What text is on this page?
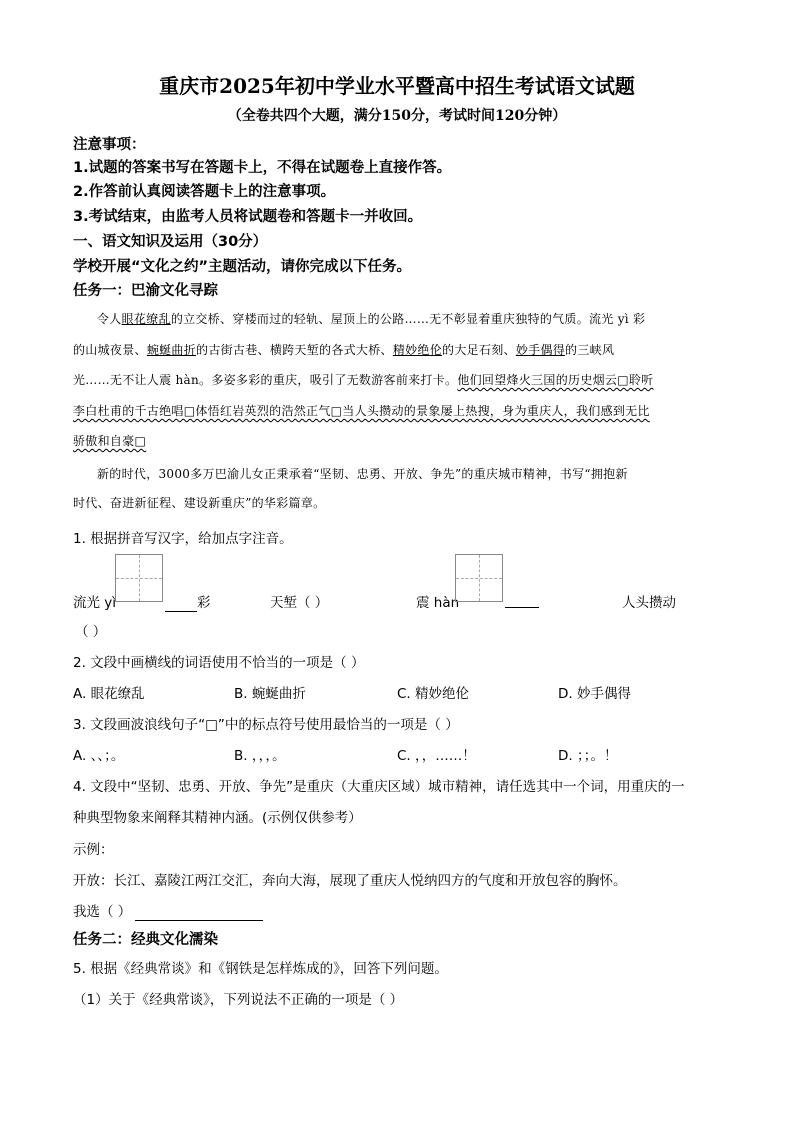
重庆市2025年初中学业水平暨高中招生考试语文试题
（全卷共四个大题，满分150分，考试时间120分钟）
注意事项：
1.试题的答案书写在答题卡上，不得在试题卷上直接作答。
2.作答前认真阅读答题卡上的注意事项。
3.考试结束，由监考人员将试题卷和答题卡一并收回。
一、语文知识及运用（30分）
学校开展“文化之约”主题活动，请你完成以下任务。
任务一：巴渝文化寻踪
令人眼花缭乱的立交桥、穿楼而过的轻轨、屋顶上的公路……无不彰显着重庆独特的气质。流光 yì 彩
的山城夜景、蜿蜒曲折的古街古巷、横跨天堑的各式大桥、精妙绝伦的大足石刻、妙手偶得的三峡风
光……无不让人震 hàn。多姿多彩的重庆，吸引了无数游客前来打卡。他们回望烽火三国的历史烟云□聆听
李白杜甫的千古绝唱□体悟红岩英烈的浩然正气□当人头攒动的景象屡上热搜，身为重庆人，我们感到无比
骄傲和自豪□
新的时代，3000多万巴渝儿女正秉承着“坚韧、忠勇、开放、争先”的重庆城市精神，书写“拥抱新
时代、奋进新征程、建设新重庆”的华彩篇章。
1. 根据拼音写汉字，给加点字注音。
流光 yì	彩	天堑（ ）	震 hàn
	人头攒动
（ ）
2. 文段中画横线的词语使用不恰当的一项是（ ）
A. 眼花缭乱	B. 蜿蜒曲折	C. 精妙绝伦	D. 妙手偶得
3. 文段画波浪线句子“□”中的标点符号使用最恰当的一项是（ ）
A. 、、；。	B. ，，，。	C. ，，……！	D. ；；。！
4. 文段中“坚韧、忠勇、开放、争先”是重庆（大重庆区域）城市精神，请任选其中一个词，用重庆的一
种典型物象来阐释其精神内涵。(示例仅供参考）
示例：
开放：长江、嘉陵江两江交汇，奔向大海，展现了重庆人悦纳四方的气度和开放包容的胸怀。
我选（ ）
任务二：经典文化濡染
5. 根据《经典常谈》和《钢铁是怎样炼成的》，回答下列问题。
（1）关于《经典常谈》，下列说法不正确的一项是（ ）
